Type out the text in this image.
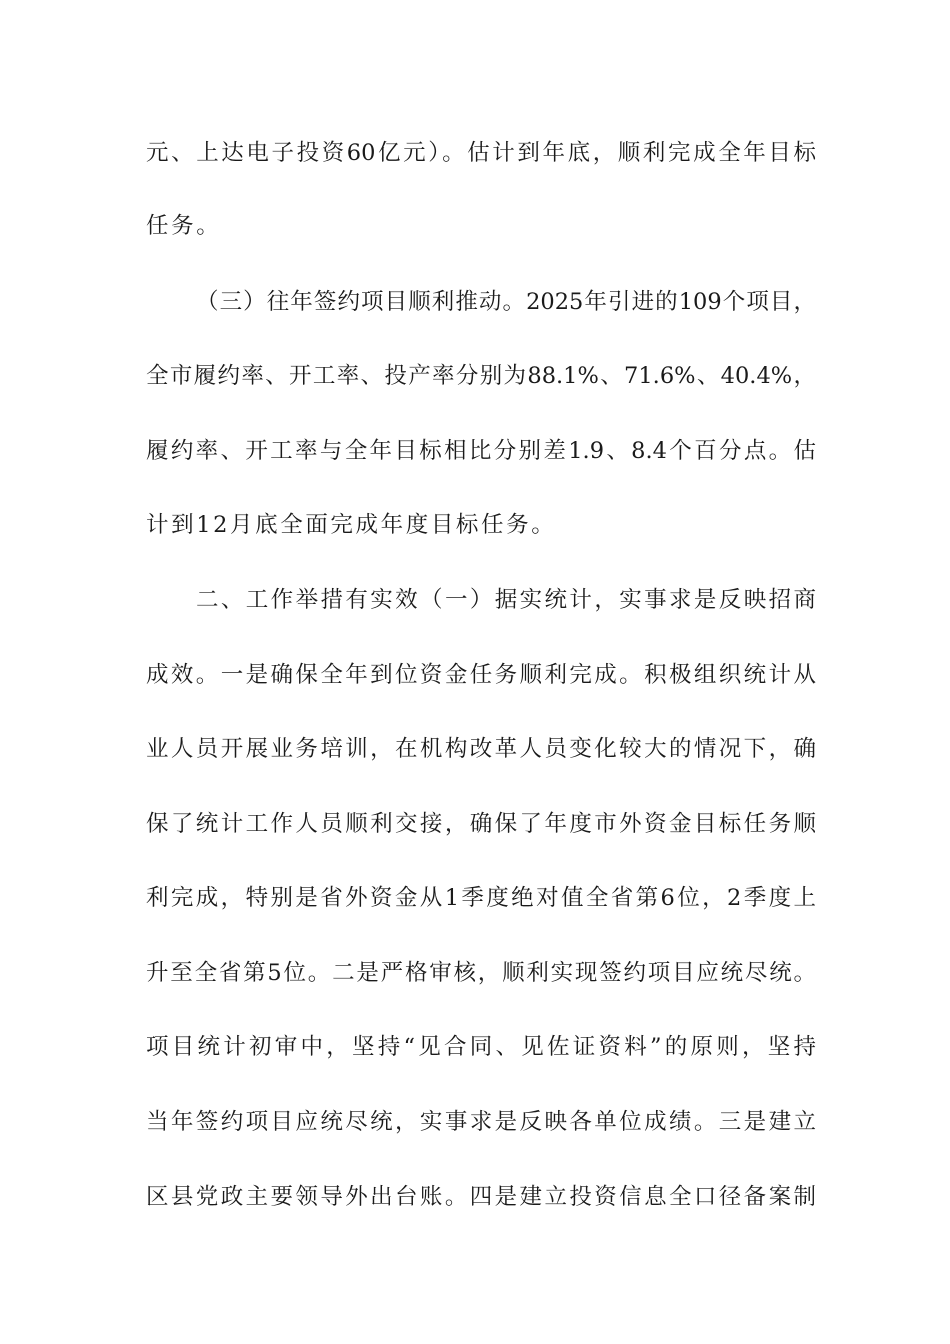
元、上达电子投资60亿元）。估计到年底，顺利完成全年目标
任务。
（三）往年签约项目顺利推动。2025年引进的109个项目，
全市履约率、开工率、投产率分别为88.1%、71.6%、40.4%，
履约率、开工率与全年目标相比分别差1.9、8.4个百分点。估
计到12月底全面完成年度目标任务。
二、工作举措有实效（一）据实统计，实事求是反映招商
成效。一是确保全年到位资金任务顺利完成。积极组织统计从
业人员开展业务培训，在机构改革人员变化较大的情况下，确
保了统计工作人员顺利交接，确保了年度市外资金目标任务顺
利完成，特别是省外资金从1季度绝对值全省第6位，2季度上
升至全省第5位。二是严格审核，顺利实现签约项目应统尽统。
项目统计初审中，坚持“见合同、见佐证资料”的原则，坚持
当年签约项目应统尽统，实事求是反映各单位成绩。三是建立
区县党政主要领导外出台账。四是建立投资信息全口径备案制
